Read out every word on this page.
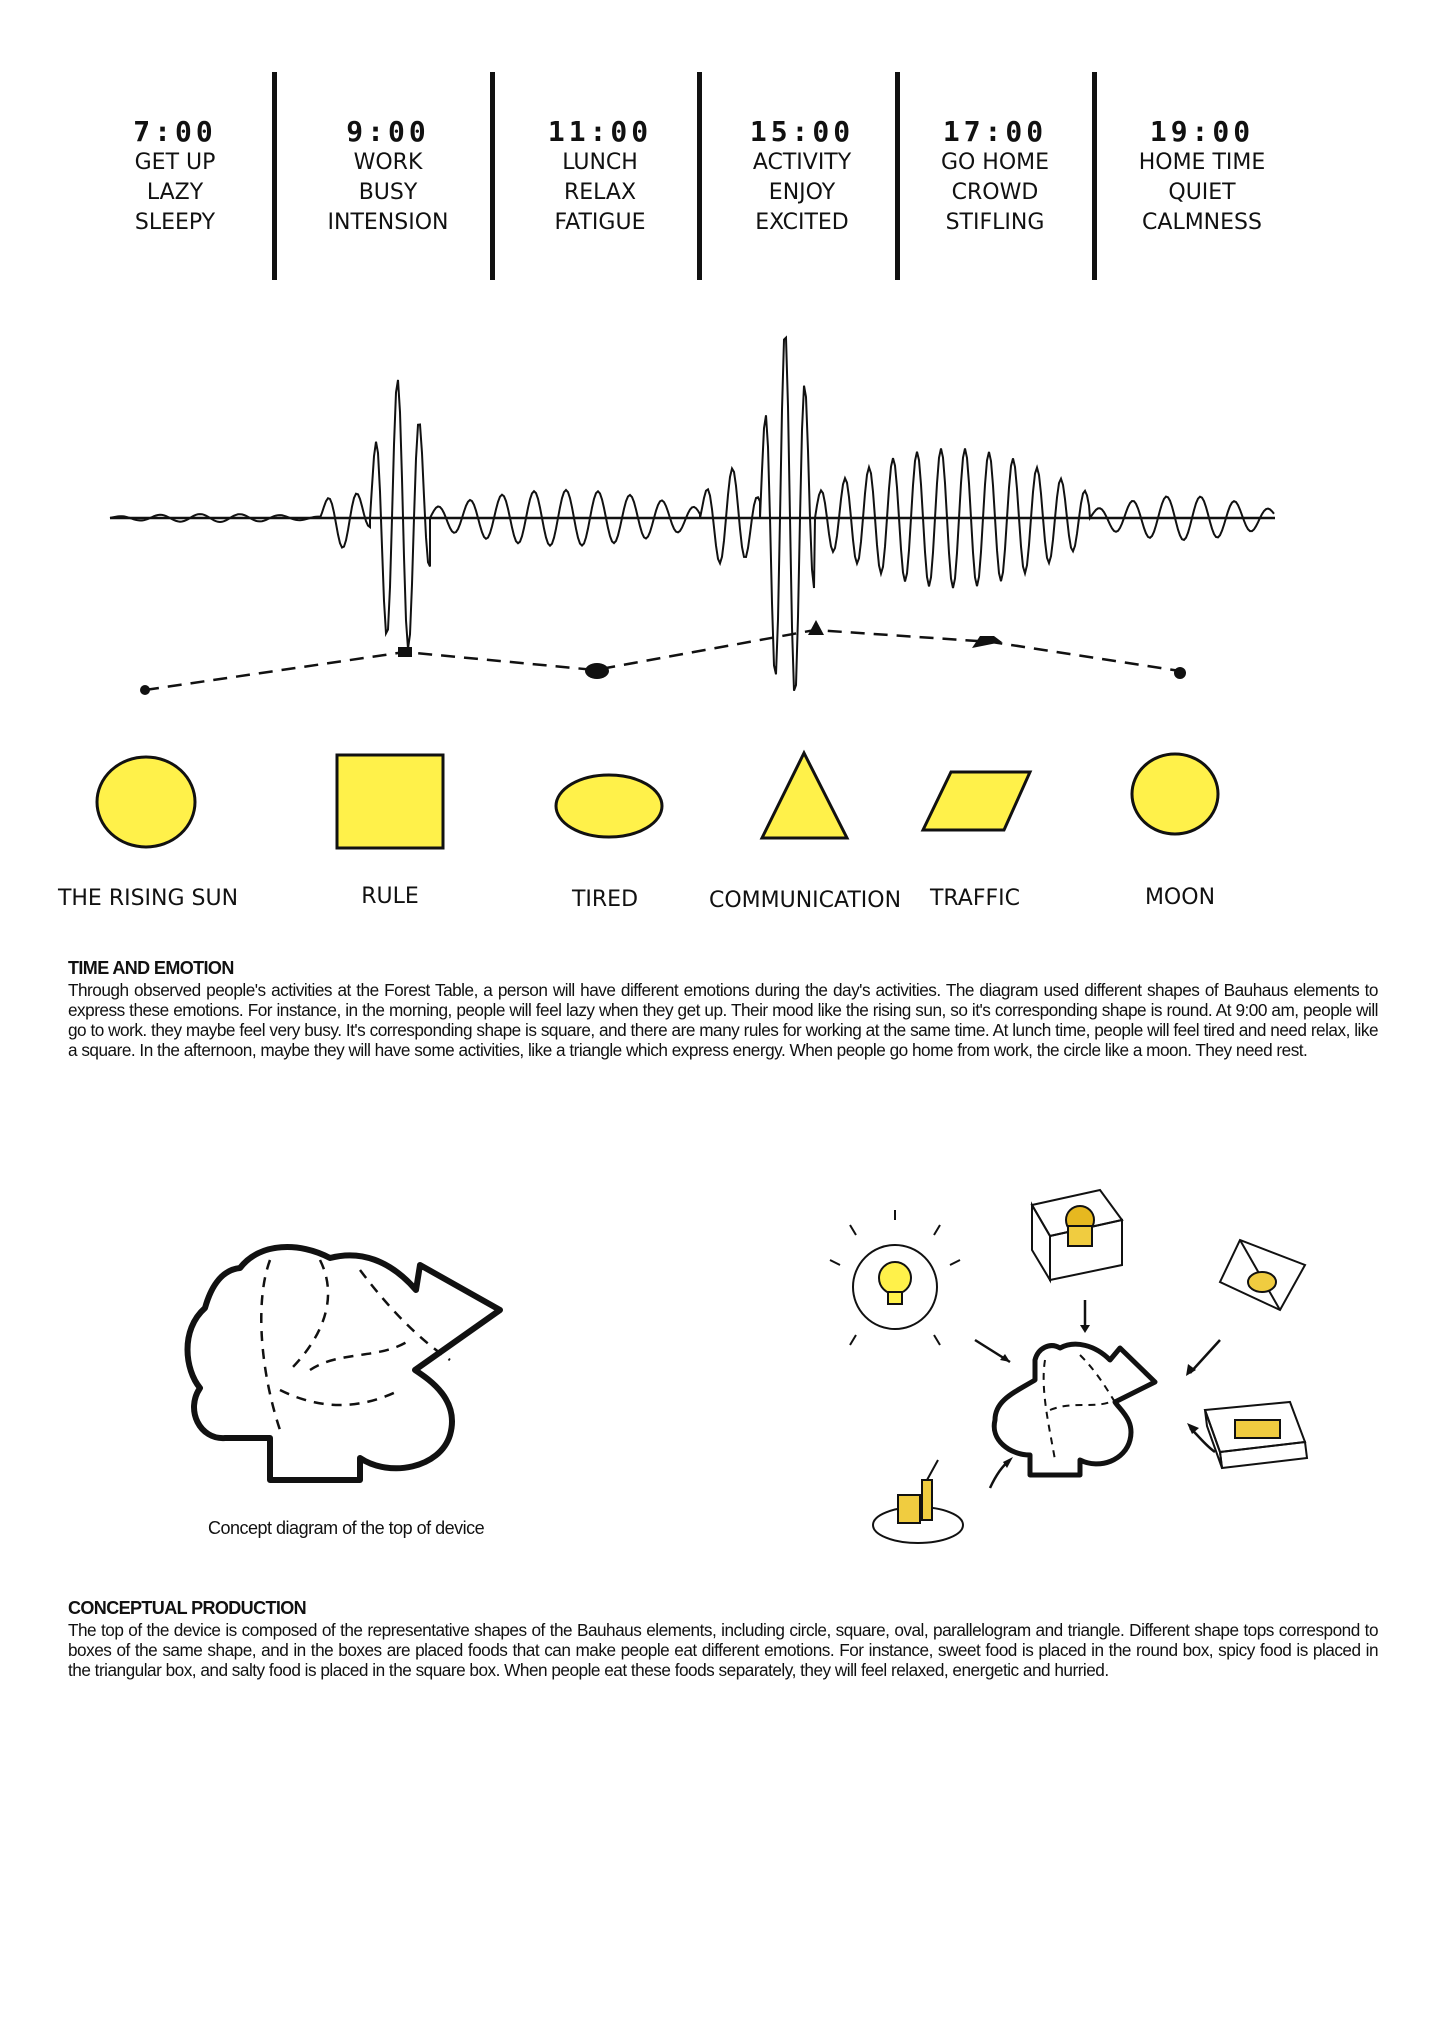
7:00
GET UP
LAZY
SLEEPY
9:00
WORK
BUSY
INTENSION
11:00
LUNCH
RELAX
FATIGUE
15:00
ACTIVITY
ENJOY
EXCITED
17:00
GO HOME
CROWD
STIFLING
19:00
HOME TIME
QUIET
CALMNESS
THE RISING SUN	RULE	TIRED	COMMUNICATION	TRAFFIC	MOON
TIME AND EMOTION
Through observed people's activities at the Forest Table, a person will have different emotions during the day's activities. The diagram used different shapes of Bauhaus elements to express these emotions. For instance, in the morning, people will feel lazy when they get up. Their mood like the rising sun, so it's corresponding shape is round. At 9:00 am, people will go to work. they maybe feel very busy. It's corresponding shape is square, and there are many rules for working at the same time. At lunch time, people will feel tired and need relax, like a square. In the afternoon, maybe they will have some activities, like a triangle which express energy. When people go home from work, the circle like a moon. They need rest.
Concept diagram of the top of device
CONCEPTUAL PRODUCTION
The top of the device is composed of the representative shapes of the Bauhaus elements, including circle, square, oval, parallelogram and triangle. Different shape tops correspond to boxes of the same shape, and in the boxes are placed foods that can make people eat different emotions. For instance, sweet food is placed in the round box, spicy food is placed in the triangular box, and salty food is placed in the square box. When people eat these foods separately, they will feel relaxed, energetic and hurried.
